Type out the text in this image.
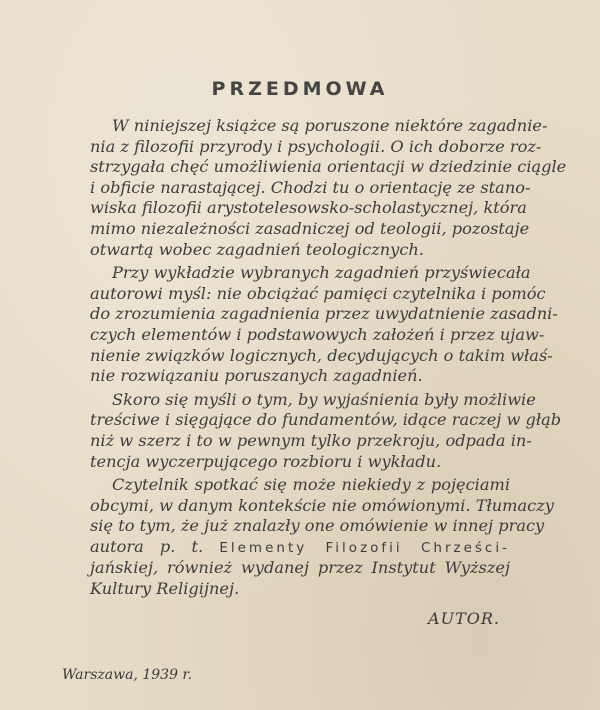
PRZEDMOWA
W niniejszej książce są poruszone niektóre zagadnie-
nia z filozofii przyrody i psychologii. O ich doborze roz-
strzygała chęć umożliwienia orientacji w dziedzinie ciągle
i obficie narastającej. Chodzi tu o orientację ze stano-
wiska filozofii arystotelesowsko-scholastycznej, która
mimo niezależności zasadniczej od teologii, pozostaje
otwartą wobec zagadnień teologicznych.
Przy wykładzie wybranych zagadnień przyświecała
autorowi myśl: nie obciążać pamięci czytelnika i pomóc
do zrozumienia zagadnienia przez uwydatnienie zasadni-
czych elementów i podstawowych założeń i przez ujaw-
nienie związków logicznych, decydujących o takim właś-
nie rozwiązaniu poruszanych zagadnień.
Skoro się myśli o tym, by wyjaśnienia były możliwie
treściwe i sięgające do fundamentów, idące raczej w głąb
niż w szerz i to w pewnym tylko przekroju, odpada in-
tencja wyczerpującego rozbioru i wykładu.
Czytelnik spotkać się może niekiedy z pojęciami
obcymi, w danym kontekście nie omówionymi. Tłumaczy
się to tym, że już znalazły one omówienie w innej pracy
autora p. t. Elementy Filozofii Chrześci-
jańskiej, również wydanej przez Instytut Wyższej
Kultury Religijnej.
AUTOR.
Warszawa, 1939 r.
